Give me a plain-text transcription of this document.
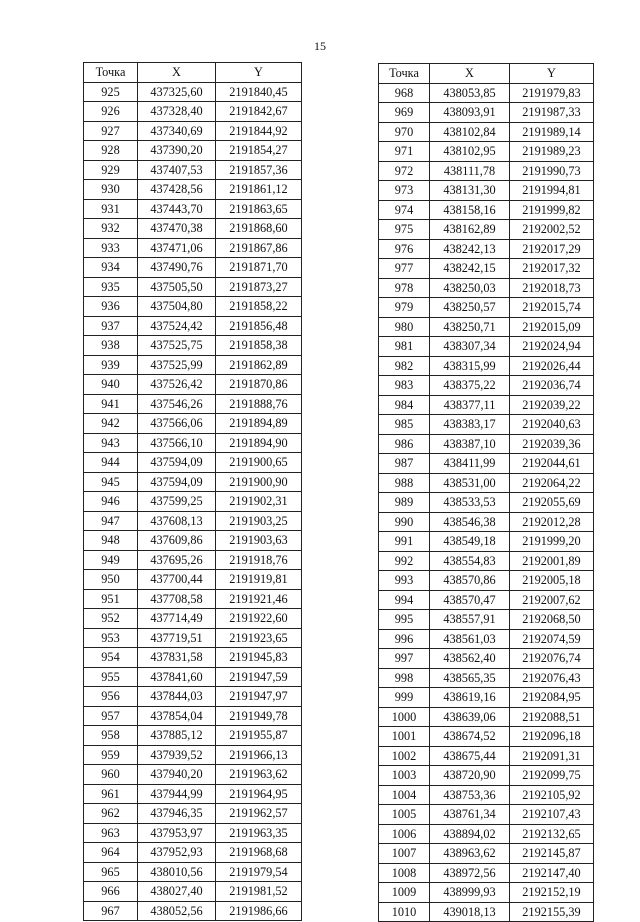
15
Точка	X	Y
925	437325,60	2191840,45
926	437328,40	2191842,67
927	437340,69	2191844,92
928	437390,20	2191854,27
929	437407,53	2191857,36
930	437428,56	2191861,12
931	437443,70	2191863,65
932	437470,38	2191868,60
933	437471,06	2191867,86
934	437490,76	2191871,70
935	437505,50	2191873,27
936	437504,80	2191858,22
937	437524,42	2191856,48
938	437525,75	2191858,38
939	437525,99	2191862,89
940	437526,42	2191870,86
941	437546,26	2191888,76
942	437566,06	2191894,89
943	437566,10	2191894,90
944	437594,09	2191900,65
945	437594,09	2191900,90
946	437599,25	2191902,31
947	437608,13	2191903,25
948	437609,86	2191903,63
949	437695,26	2191918,76
950	437700,44	2191919,81
951	437708,58	2191921,46
952	437714,49	2191922,60
953	437719,51	2191923,65
954	437831,58	2191945,83
955	437841,60	2191947,59
956	437844,03	2191947,97
957	437854,04	2191949,78
958	437885,12	2191955,87
959	437939,52	2191966,13
960	437940,20	2191963,62
961	437944,99	2191964,95
962	437946,35	2191962,57
963	437953,97	2191963,35
964	437952,93	2191968,68
965	438010,56	2191979,54
966	438027,40	2191981,52
967	438052,56	2191986,66
Точка	X	Y
968	438053,85	2191979,83
969	438093,91	2191987,33
970	438102,84	2191989,14
971	438102,95	2191989,23
972	438111,78	2191990,73
973	438131,30	2191994,81
974	438158,16	2191999,82
975	438162,89	2192002,52
976	438242,13	2192017,29
977	438242,15	2192017,32
978	438250,03	2192018,73
979	438250,57	2192015,74
980	438250,71	2192015,09
981	438307,34	2192024,94
982	438315,99	2192026,44
983	438375,22	2192036,74
984	438377,11	2192039,22
985	438383,17	2192040,63
986	438387,10	2192039,36
987	438411,99	2192044,61
988	438531,00	2192064,22
989	438533,53	2192055,69
990	438546,38	2192012,28
991	438549,18	2191999,20
992	438554,83	2192001,89
993	438570,86	2192005,18
994	438570,47	2192007,62
995	438557,91	2192068,50
996	438561,03	2192074,59
997	438562,40	2192076,74
998	438565,35	2192076,43
999	438619,16	2192084,95
1000	438639,06	2192088,51
1001	438674,52	2192096,18
1002	438675,44	2192091,31
1003	438720,90	2192099,75
1004	438753,36	2192105,92
1005	438761,34	2192107,43
1006	438894,02	2192132,65
1007	438963,62	2192145,87
1008	438972,56	2192147,40
1009	438999,93	2192152,19
1010	439018,13	2192155,39
